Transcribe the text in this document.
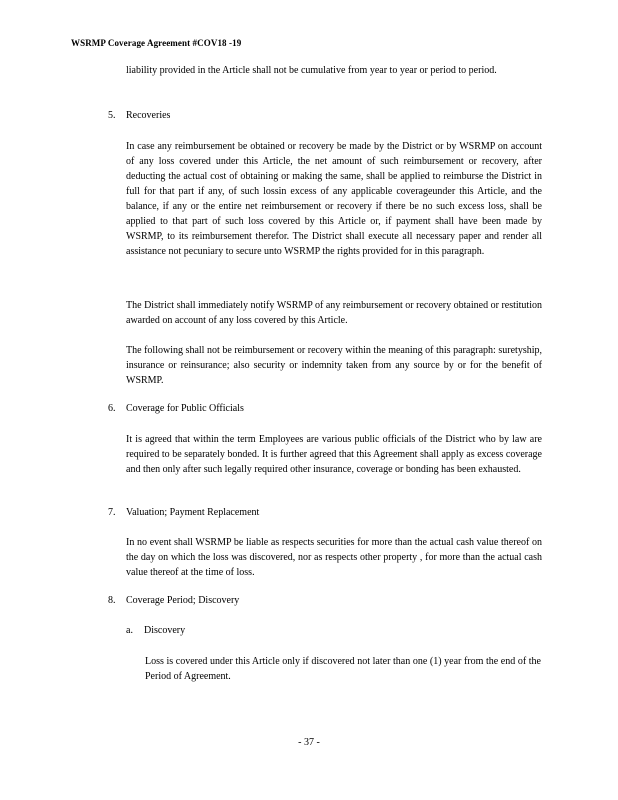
WSRMP Coverage Agreement #COV18 -19
liability provided in the Article shall not be cumulative from year to year or period to period.
5. Recoveries
In case any reimbursement be obtained or recovery be made by the District or by WSRMP on account of any loss covered under this Article, the net amount of such reimbursement or recovery, after deducting the actual cost of obtaining or making the same, shall be applied to reimburse the District in full for that part if any, of such lossin excess of any applicable coverageunder this Article, and the balance, if any or the entire net reimbursement or recovery if there be no such excess loss, shall be applied to that part of such loss covered by this Article or, if payment shall have been made by WSRMP, to its reimbursement therefor. The District shall execute all necessary paper and render all assistance not pecuniary to secure unto WSRMP the rights provided for in this paragraph.
The District shall immediately notify WSRMP of any reimbursement or recovery obtained or restitution awarded on account of any loss covered by this Article.
The following shall not be reimbursement or recovery within the meaning of this paragraph: suretyship, insurance or reinsurance; also security or indemnity taken from any source by or for the benefit of WSRMP.
6. Coverage for Public Officials
It is agreed that within the term Employees are various public officials of the District who by law are required to be separately bonded. It is further agreed that this Agreement shall apply as excess coverage and then only after such legally required other insurance, coverage or bonding has been exhausted.
7. Valuation; Payment Replacement
In no event shall WSRMP be liable as respects securities for more than the actual cash value thereof on the day on which the loss was discovered, nor as respects other property , for more than the actual cash value thereof at the time of loss.
8. Coverage Period; Discovery
a. Discovery
Loss is covered under this Article only if discovered not later than one (1) year from the end of the Period of Agreement.
- 37 -
